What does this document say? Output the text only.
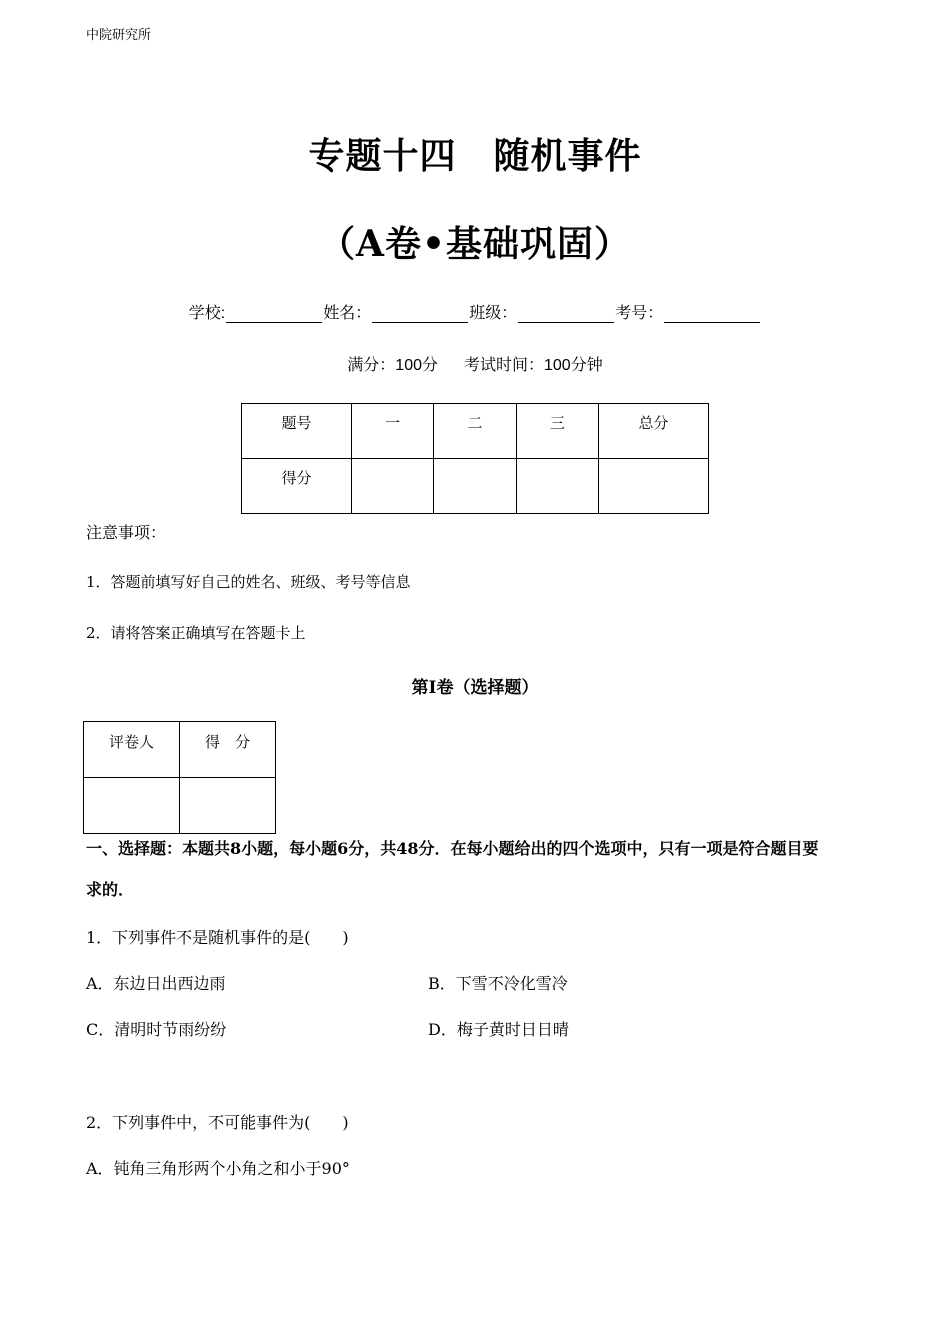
中院研究所
专题十四　随机事件
（A卷•基础巩固）
学校:	姓名：	班级：	考号：
满分：100分 考试时间：100分钟
题号	一	二	三	总分
得分				
注意事项：
1．答题前填写好自己的姓名、班级、考号等信息
2．请将答案正确填写在答题卡上
第Ⅰ卷（选择题）
评卷人	得　分

一、选择题：本题共8小题，每小题6分，共48分．在每小题给出的四个选项中，只有一项是符合题目要
求的．
1．下列事件不是随机事件的是(　　)
A．东边日出西边雨	B．下雪不冷化雪冷
C．清明时节雨纷纷	D．梅子黄时日日晴
2．下列事件中，不可能事件为(　　)
A．钝角三角形两个小角之和小于90°
